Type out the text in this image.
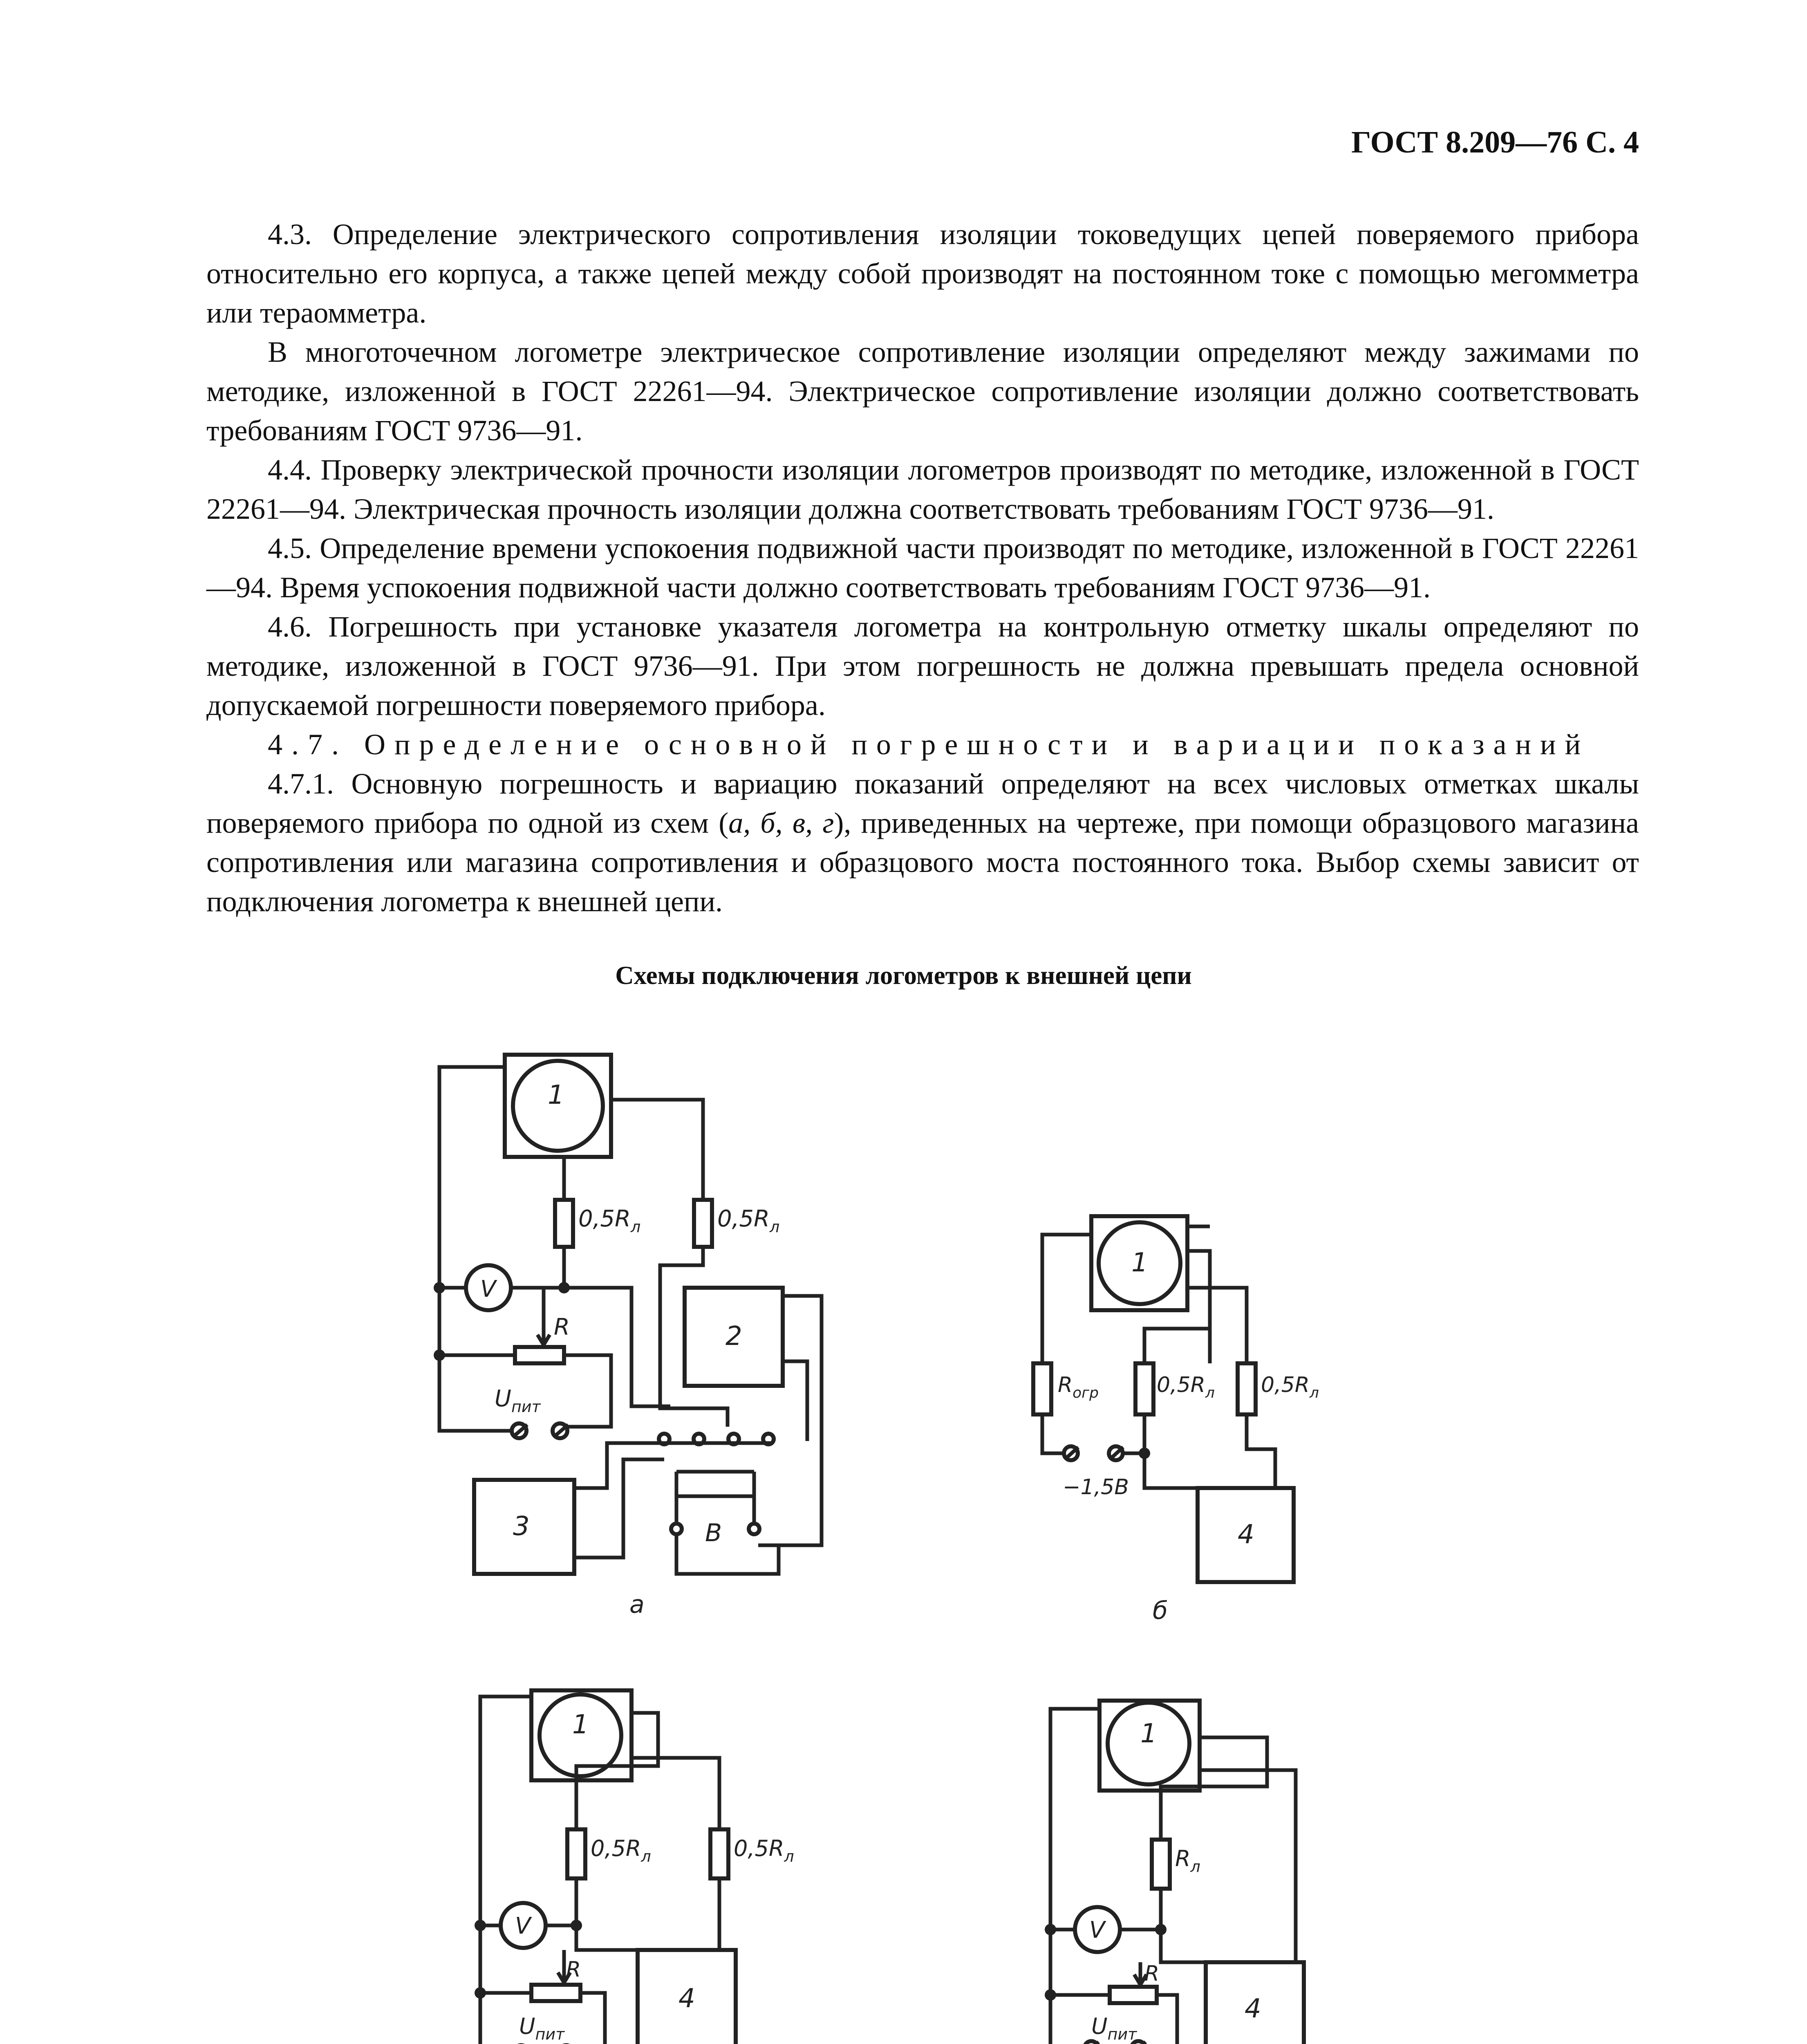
ГОСТ 8.209—76 С. 4

4.3. Определение электрического сопротивления изоляции токоведущих цепей поверяемого прибора относительно его корпуса, а также цепей между собой производят на постоянном токе с помощью мегомметра или тераомметра.

В многоточечном логометре электрическое сопротивление изоляции определяют между зажимами по методике, изложенной в ГОСТ 22261—94. Электрическое сопротивление изоляции должно соответствовать требованиям ГОСТ 9736—91.

4.4. Проверку электрической прочности изоляции логометров производят по методике, изложенной в ГОСТ 22261—94. Электрическая прочность изоляции должна соответствовать требованиям ГОСТ 9736—91.

4.5. Определение времени успокоения подвижной части производят по методике, изложенной в ГОСТ 22261—94. Время успокоения подвижной части должно соответствовать требованиям ГОСТ 9736—91.

4.6. Погрешность при установке указателя логометра на контрольную отметку шкалы определяют по методике, изложенной в ГОСТ 9736—91. При этом погрешность не должна превышать предела основной допускаемой погрешности поверяемого прибора.

4.7. Определение основной погрешности и вариации показаний

4.7.1. Основную погрешность и вариацию показаний определяют на всех числовых отметках шкалы поверяемого прибора по одной из схем (а, б, в, г), приведенных на чертеже, при помощи образцового магазина сопротивления или магазина сопротивления и образцового моста постоянного тока. Выбор схемы зависит от подключения логометра к внешней цепи.

Схемы подключения логометров к внешней цепи
1
$0,5R_л$	$0,5R_л$
V
R
$U_{пит}$
2
3	В
а
1
$R_{огр}$
−1,5В
$0,5R_л$ $0,5R_л$
4
б
1
$0,5R_л$	$0,5R_л$
V
R
$U_{пит}$
4
1
$R_л$
V
R
$U_{пит}$
4
